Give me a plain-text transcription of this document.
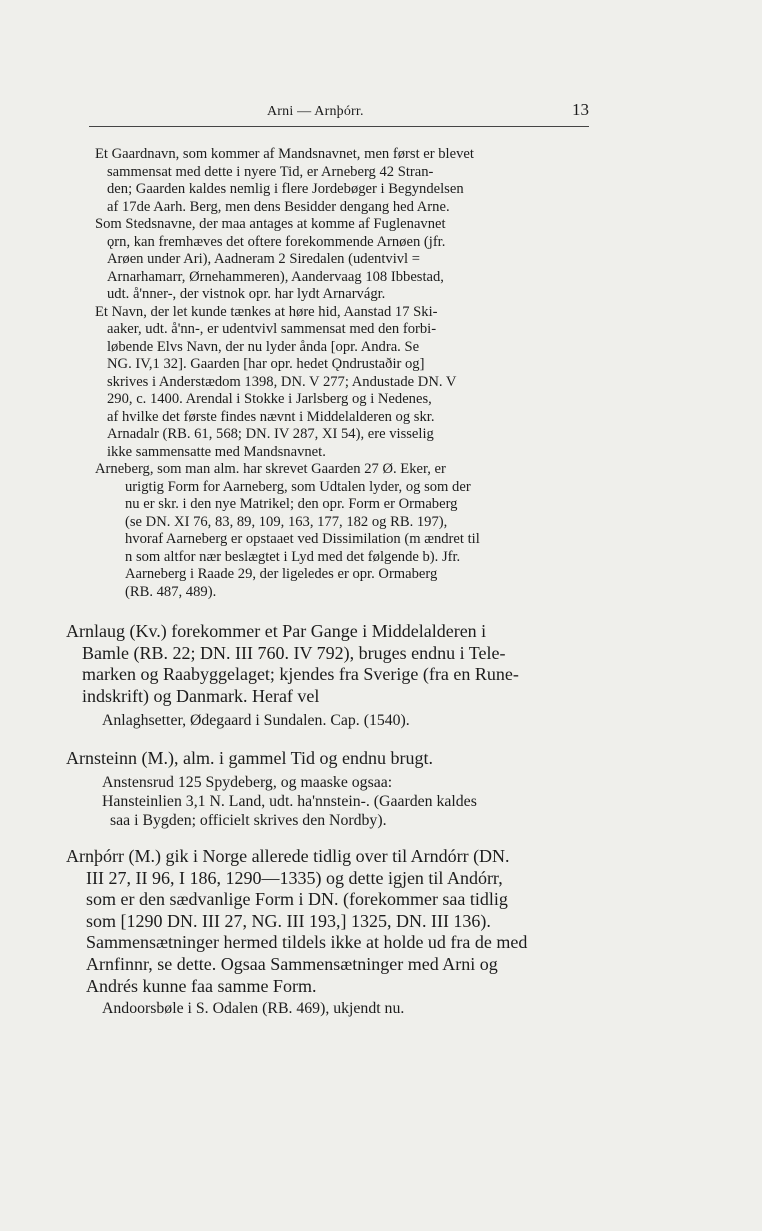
Arni — Arnþórr.	13
Et Gaardnavn, som kommer af Mandsnavnet, men først er blevet
sammensat med dette i nyere Tid, er Arneberg 42 Stran-
den; Gaarden kaldes nemlig i flere Jordebøger i Begyndelsen
af 17de Aarh. Berg, men dens Besidder dengang hed Arne.
Som Stedsnavne, der maa antages at komme af Fuglenavnet
ǫrn, kan fremhæves det oftere forekommende Arnøen (jfr.
Arøen under Ari), Aadneram 2 Siredalen (udentvivl =
Arnarhamarr, Ørnehammeren), Aandervaag 108 Ibbestad,
udt. å'nner-, der vistnok opr. har lydt Arnarvágr.
Et Navn, der let kunde tænkes at høre hid, Aanstad 17 Ski-
aaker, udt. å'nn-, er udentvivl sammensat med den forbi-
løbende Elvs Navn, der nu lyder ånda [opr. Andra. Se
NG. IV,1 32]. Gaarden [har opr. hedet Ǫndrustaðir og]
skrives i Anderstædom 1398, DN. V 277; Andustade DN. V
290, c. 1400. Arendal i Stokke i Jarlsberg og i Nedenes,
af hvilke det første findes nævnt i Middelalderen og skr.
Arnadalr (RB. 61, 568; DN. IV 287, XI 54), ere visselig
ikke sammensatte med Mandsnavnet.
Arneberg, som man alm. har skrevet Gaarden 27 Ø. Eker, er
urigtig Form for Aarneberg, som Udtalen lyder, og som der
nu er skr. i den nye Matrikel; den opr. Form er Ormaberg
(se DN. XI 76, 83, 89, 109, 163, 177, 182 og RB. 197),
hvoraf Aarneberg er opstaaet ved Dissimilation (m ændret til
n som altfor nær beslægtet i Lyd med det følgende b). Jfr.
Aarneberg i Raade 29, der ligeledes er opr. Ormaberg
(RB. 487, 489).
Arnlaug (Kv.) forekommer et Par Gange i Middelalderen i
Bamle (RB. 22; DN. III 760. IV 792), bruges endnu i Tele-
marken og Raabyggelaget; kjendes fra Sverige (fra en Rune-
indskrift) og Danmark. Heraf vel
Anlaghsetter, Ødegaard i Sundalen. Cap. (1540).
Arnsteinn (M.), alm. i gammel Tid og endnu brugt.
Anstensrud 125 Spydeberg, og maaske ogsaa:
Hansteinlien 3,1 N. Land, udt. ha'nnstein-. (Gaarden kaldes
saa i Bygden; officielt skrives den Nordby).
Arnþórr (M.) gik i Norge allerede tidlig over til Arndórr (DN.
III 27, II 96, I 186, 1290—1335) og dette igjen til Andórr,
som er den sædvanlige Form i DN. (forekommer saa tidlig
som [1290 DN. III 27, NG. III 193,] 1325, DN. III 136).
Sammensætninger hermed tildels ikke at holde ud fra de med
Arnfinnr, se dette. Ogsaa Sammensætninger med Arni og
Andrés kunne faa samme Form.
Andoorsbøle i S. Odalen (RB. 469), ukjendt nu.
